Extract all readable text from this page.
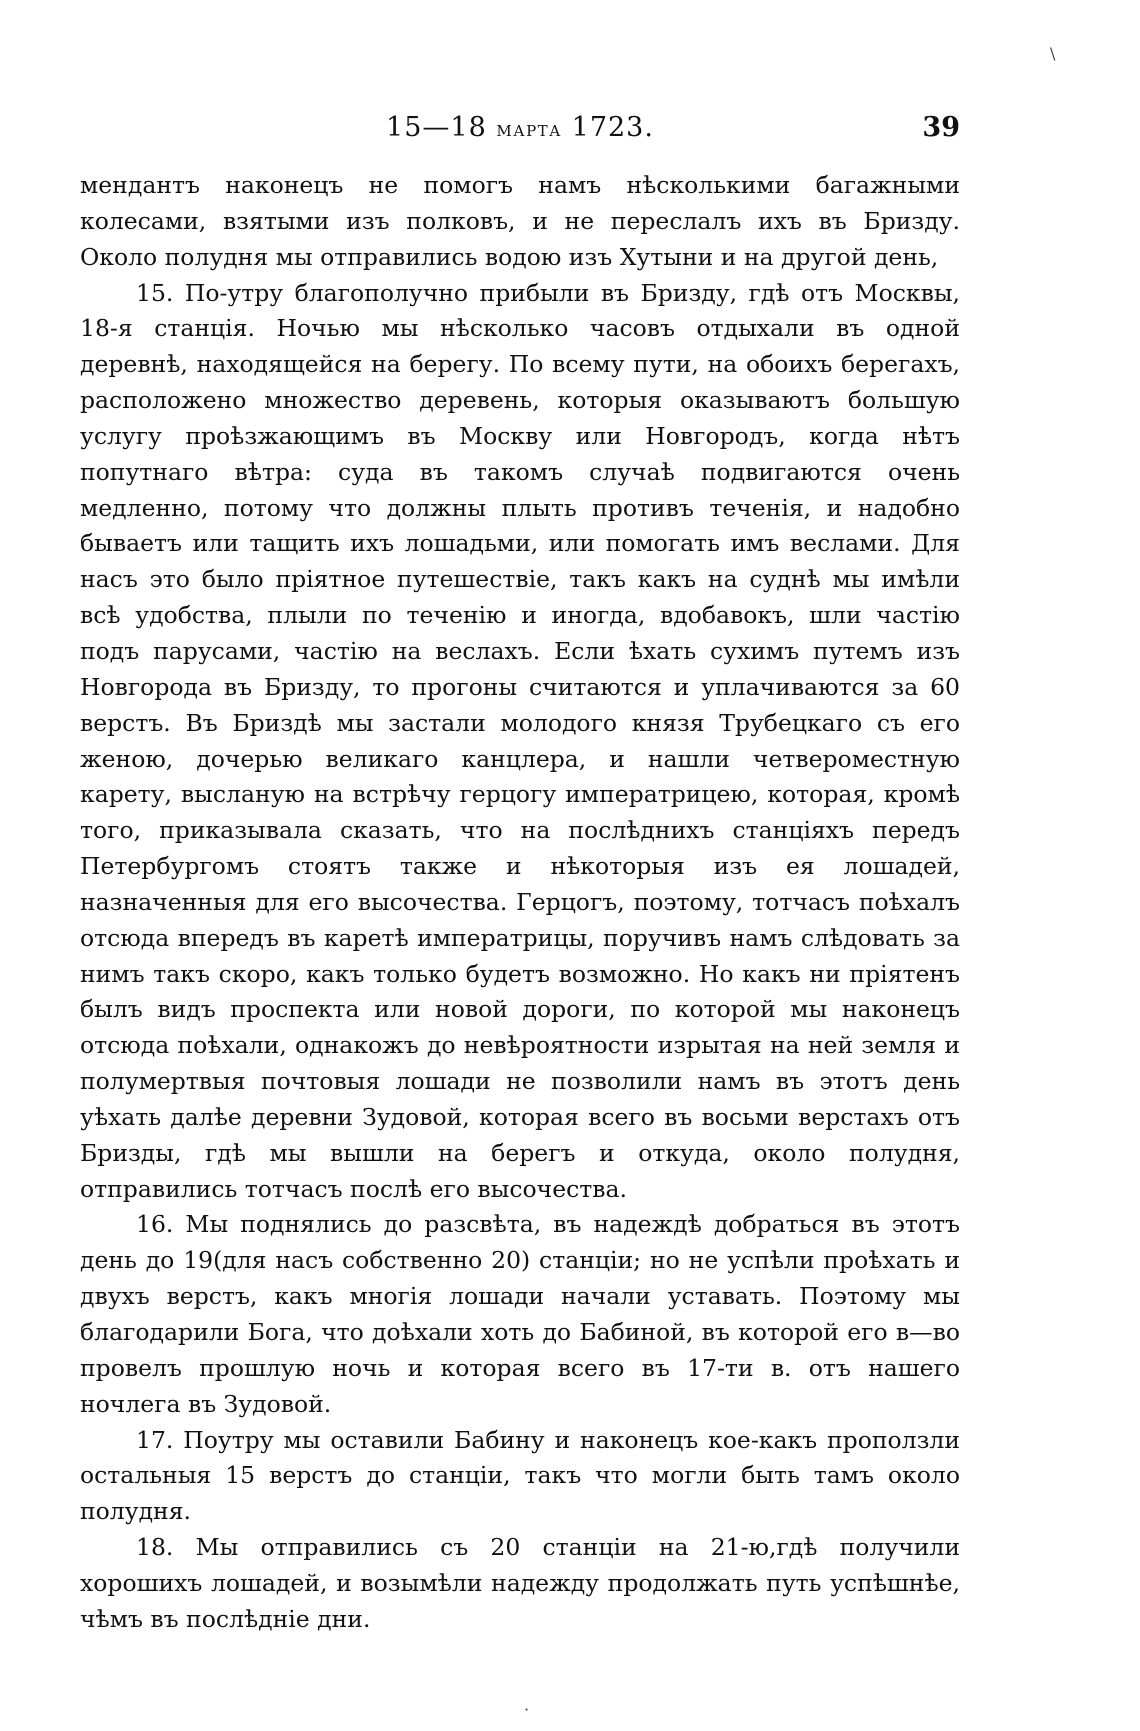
15—18 марта 1723.	39

мендантъ наконецъ не помогъ намъ нѣсколькими багажными колесами, взятыми изъ полковъ, и не переслалъ ихъ въ Бризду. Около полудня мы отправились водою изъ Хутыни и на другой день,

15. По-утру благополучно прибыли въ Бризду, гдѣ отъ Москвы, 18-я станція. Ночью мы нѣсколько часовъ отдыхали въ одной деревнѣ, находящейся на берегу. По всему пути, на обоихъ берегахъ, расположено множество деревень, которыя оказываютъ большую услугу проѣзжающимъ въ Москву или Новгородъ, когда нѣтъ попутнаго вѣтра: суда въ такомъ случаѣ подвигаются очень медленно, потому что должны плыть противъ теченія, и надобно бываетъ или тащить ихъ лошадьми, или помогать имъ веслами. Для насъ это было пріятное путешествіе, такъ какъ на суднѣ мы имѣли всѣ удобства, плыли по теченію и иногда, вдобавокъ, шли частію подъ парусами, частію на веслахъ. Если ѣхать сухимъ путемъ изъ Новгорода въ Бризду, то прогоны считаются и уплачиваются за 60 верстъ. Въ Бриздѣ мы застали молодого князя Трубецкаго съ его женою, дочерью великаго канцлера, и нашли четвероместную карету, высланую на встрѣчу герцогу императрицею, которая, кромѣ того, приказывала сказать, что на послѣднихъ станціяхъ передъ Петербургомъ стоятъ также и нѣкоторыя изъ ея лошадей, назначенныя для его высочества. Герцогъ, поэтому, тотчасъ поѣхалъ отсюда впередъ въ каретѣ императрицы, поручивъ намъ слѣдовать за нимъ такъ скоро, какъ только будетъ возможно. Но какъ ни пріятенъ былъ видъ проспекта или новой дороги, по которой мы наконецъ отсюда поѣхали, однакожъ до невѣроятности изрытая на ней земля и полумертвыя почтовыя лошади не позволили намъ въ этотъ день уѣхать далѣе деревни Зудовой, которая всего въ восьми верстахъ отъ Бризды, гдѣ мы вышли на берегъ и откуда, около полудня, отправились тотчасъ послѣ его высочества.

16. Мы поднялись до разсвѣта, въ надеждѣ добраться въ этотъ день до 19(для насъ собственно 20) станціи; но не успѣли проѣхать и двухъ верстъ, какъ многія лошади начали уставать. Поэтому мы благодарили Бога, что доѣхали хоть до Бабиной, въ которой его в—во провелъ прошлую ночь и которая всего въ 17-ти в. отъ нашего ночлега въ Зудовой.

17. Поутру мы оставили Бабину и наконецъ кое-какъ проползли остальныя 15 верстъ до станціи, такъ что могли быть тамъ около полудня.

18. Мы отправились съ 20 станціи на 21-ю,гдѣ получили хорошихъ лошадей, и возымѣли надежду продолжать путь успѣшнѣе, чѣмъ въ послѣдніе дни.

\
·
